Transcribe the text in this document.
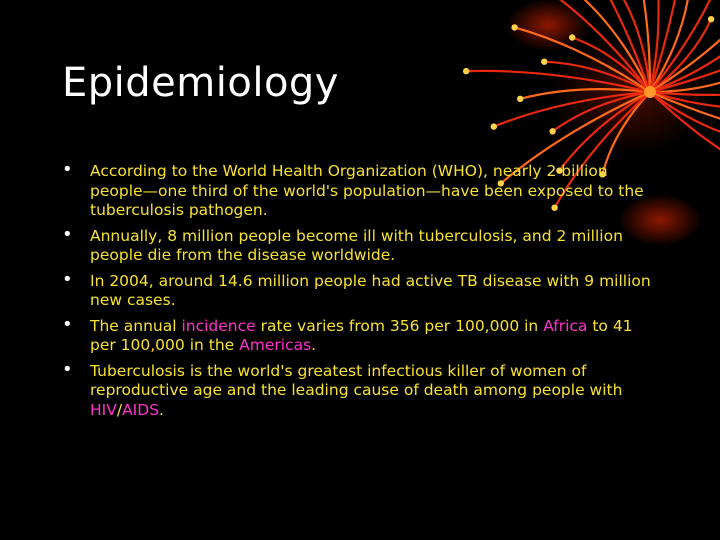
Epidemiology
• According to the World Health Organization (WHO), nearly 2 billion people—one third of the world's population—have been exposed to the tuberculosis pathogen.
• Annually, 8 million people become ill with tuberculosis, and 2 million people die from the disease worldwide.
• In 2004, around 14.6 million people had active TB disease with 9 million new cases.
• The annual incidence rate varies from 356 per 100,000 in Africa to 41 per 100,000 in the Americas.
• Tuberculosis is the world's greatest infectious killer of women of reproductive age and the leading cause of death among people with HIV/AIDS.
